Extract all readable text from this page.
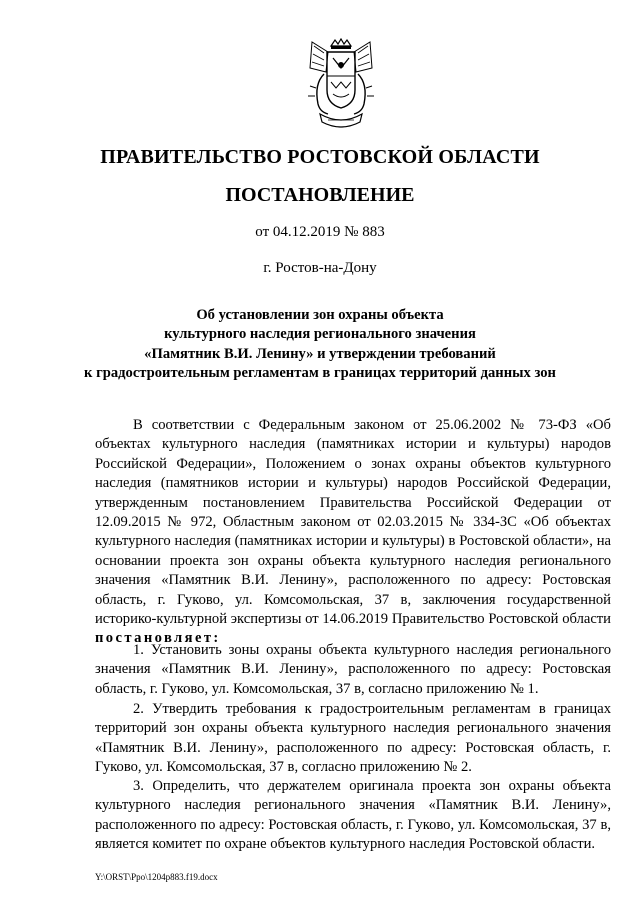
ПРАВИТЕЛЬСТВО РОСТОВСКОЙ ОБЛАСТИ
ПОСТАНОВЛЕНИЕ
от 04.12.2019 № 883
г. Ростов-на-Дону
Об установлении зон охраны объекта
культурного наследия регионального значения
«Памятник В.И. Ленину» и утверждении требований
к градостроительным регламентам в границах территорий данных зон
В соответствии с Федеральным законом от 25.06.2002 № 73-ФЗ «Об объектах культурного наследия (памятниках истории и культуры) народов Российской Федерации», Положением о зонах охраны объектов культурного наследия (памятников истории и культуры) народов Российской Федерации, утвержденным постановлением Правительства Российской Федерации от 12.09.2015 № 972, Областным законом от 02.03.2015 № 334-ЗС «Об объектах культурного наследия (памятниках истории и культуры) в Ростовской области», на основании проекта зон охраны объекта культурного наследия регионального значения «Памятник В.И. Ленину», расположенного по адресу: Ростовская область, г. Гуково, ул. Комсомольская, 37 в, заключения государственной историко-культурной экспертизы от 14.06.2019 Правительство Ростовской области постановляет:
1. Установить зоны охраны объекта культурного наследия регионального значения «Памятник В.И. Ленину», расположенного по адресу: Ростовская область, г. Гуково, ул. Комсомольская, 37 в, согласно приложению № 1.
2. Утвердить требования к градостроительным регламентам в границах территорий зон охраны объекта культурного наследия регионального значения «Памятник В.И. Ленину», расположенного по адресу: Ростовская область, г. Гуково, ул. Комсомольская, 37 в, согласно приложению № 2.
3. Определить, что держателем оригинала проекта зон охраны объекта культурного наследия регионального значения «Памятник В.И. Ленину», расположенного по адресу: Ростовская область, г. Гуково, ул. Комсомольская, 37 в, является комитет по охране объектов культурного наследия Ростовской области.
Y:\ORST\Ppo\1204p883.f19.docx
